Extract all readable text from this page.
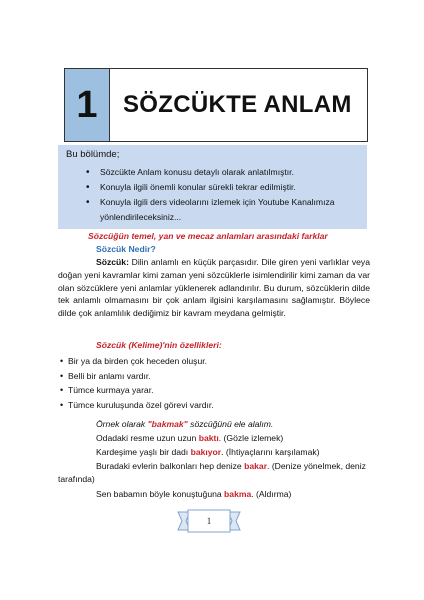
1	SÖZCÜKTE ANLAM
Bu bölümde;
• Sözcükte Anlam konusu detaylı olarak anlatılmıştır.
• Konuyla ilgili önemli konular sürekli tekrar edilmiştir.
• Konuyla ilgili ders videolarını izlemek için Youtube Kanalımıza yönlendirileceksiniz...
Sözcüğün temel, yan ve mecaz anlamları arasındaki farklar
Sözcük Nedir?
Sözcük: Dilin anlamlı en küçük parçasıdır. Dile giren yeni varlıklar veya doğan yeni kavramlar kimi zaman yeni sözcüklerle isimlendirilir kimi zaman da var olan sözcüklere yeni anlamlar yüklenerek adlandırılır. Bu durum, sözcüklerin dilde tek anlamlı olmamasını bir çok anlam ilgisini karşılamasını sağlamıştır. Böylece dilde çok anlamlılık dediğimiz bir kavram meydana gelmiştir.
Sözcük (Kelime)'nin özellikleri:
• Bir ya da birden çok heceden oluşur.
• Belli bir anlamı vardır.
• Tümce kurmaya yarar.
• Tümce kuruluşunda özel görevi vardır.
Örnek olarak "bakmak" sözcüğünü ele alalım.
Odadaki resme uzun uzun baktı. (Gözle izlemek)
Kardeşime yaşlı bir dadı bakıyor. (İhtiyaçlarını karşılamak)
Buradaki evlerin balkonları hep denize bakar. (Denize yönelmek, deniz tarafında)
Sen babamın böyle konuştuğuna bakma. (Aldırma)
1
